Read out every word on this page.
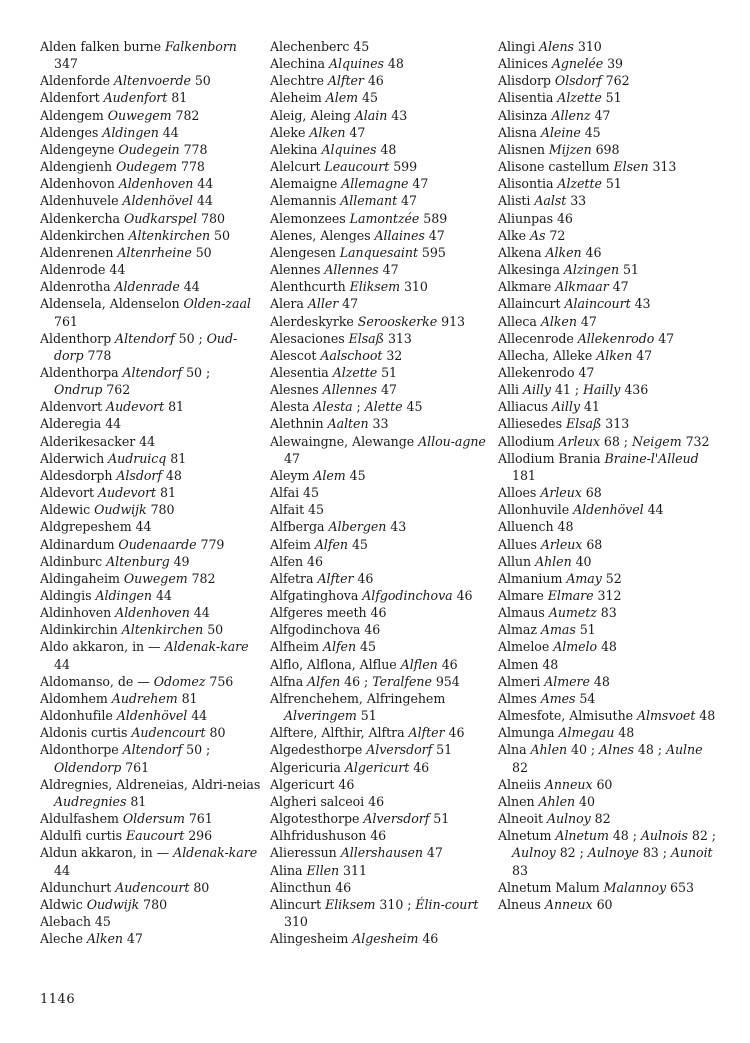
Alden falken burne Falkenborn 347
Aldenforde Altenvoerde 50
Aldenfort Audenfort 81
Aldengem Ouwegem 782
Aldenges Aldingen 44
Aldengeyne Oudegein 778
Aldengienh Oudegem 778
Aldenhovon Aldenhoven 44
Aldenhuvele Aldenhövel 44
Aldenkercha Oudkarspel 780
Aldenkirchen Altenkirchen 50
Aldenrenen Altenrheine 50
Aldenrode 44
Aldenrotha Aldenrade 44
Aldensela, Aldenselon Olden-zaal 761
Aldenthorp Altendorf 50 ; Oud-dorp 778
Aldenthorpa Altendorf 50 ; Ondrup 762
Aldenvort Audevort 81
Alderegia 44
Alderikesacker 44
Alderwich Audruicq 81
Aldesdorph Alsdorf 48
Aldevort Audevort 81
Aldewic Oudwijk 780
Aldgrepeshem 44
Aldinardum Oudenaarde 779
Aldinburc Altenburg 49
Aldingaheim Ouwegem 782
Aldingis Aldingen 44
Aldinhoven Aldenhoven 44
Aldinkirchin Altenkirchen 50
Aldo akkaron, in — Aldenak-kare 44
Aldomanso, de — Odomez 756
Aldomhem Audrehem 81
Aldonhufile Aldenhövel 44
Aldonis curtis Audencourt 80
Aldonthorpe Altendorf 50 ; Oldendorp 761
Aldregnies, Aldreneias, Aldri-neias Audregnies 81
Aldulfashem Oldersum 761
Aldulfi curtis Eaucourt 296
Aldun akkaron, in — Aldenak-kare 44
Aldunchurt Audencourt 80
Aldwic Oudwijk 780
Alebach 45
Aleche Alken 47
Alechenberc 45
Alechina Alquines 48
Alechtre Alfter 46
Aleheim Alem 45
Aleig, Aleing Alain 43
Aleke Alken 47
Alekina Alquines 48
Alelcurt Leaucourt 599
Alemaigne Allemagne 47
Alemannis Allemant 47
Alemonzees Lamontzée 589
Alenes, Alenges Allaines 47
Alengesen Lanquesaint 595
Alennes Allennes 47
Alenthcurth Eliksem 310
Alera Aller 47
Alerdeskyrke Serooskerke 913
Alesaciones Elsaß 313
Alescot Aalschoot 32
Alesentia Alzette 51
Alesnes Allennes 47
Alesta Alesta ; Alette 45
Alethnin Aalten 33
Alewaingne, Alewange Allou-agne 47
Aleym Alem 45
Alfai 45
Alfait 45
Alfberga Albergen 43
Alfeim Alfen 45
Alfen 46
Alfetra Alfter 46
Alfgatinghova Alfgodinchova 46
Alfgeres meeth 46
Alfgodinchova 46
Alfheim Alfen 45
Alflo, Alflona, Alflue Alflen 46
Alfna Alfen 46 ; Teralfene 954
Alfrenchehem, Alfringehem Alveringem 51
Alftere, Alfthir, Alftra Alfter 46
Algedesthorpe Alversdorf 51
Algericuria Algericurt 46
Algericurt 46
Algheri salceoi 46
Algotesthorpe Alversdorf 51
Alhfridushuson 46
Alieressun Allershausen 47
Alina Ellen 311
Alincthun 46
Alincurt Eliksem 310 ; Élin-court 310
Alingesheim Algesheim 46
Alingi Alens 310
Alinices Agnelée 39
Alisdorp Olsdorf 762
Alisentia Alzette 51
Alisinza Allenz 47
Alisna Aleine 45
Alisnen Mijzen 698
Alisone castellum Elsen 313
Alisontia Alzette 51
Alisti Aalst 33
Aliunpas 46
Alke As 72
Alkena Alken 46
Alkesinga Alzingen 51
Alkmare Alkmaar 47
Allaincurt Alaincourt 43
Alleca Alken 47
Allecenrode Allekenrodo 47
Allecha, Alleke Alken 47
Allekenrodo 47
Alli Ailly 41 ; Hailly 436
Alliacus Ailly 41
Alliesedes Elsaß 313
Allodium Arleux 68 ; Neigem 732
Allodium Brania Braine-l'Alleud 181
Alloes Arleux 68
Allonhuvile Aldenhövel 44
Alluench 48
Allues Arleux 68
Allun Ahlen 40
Almanium Amay 52
Almare Elmare 312
Almaus Aumetz 83
Almaz Amas 51
Almeloe Almelo 48
Almen 48
Almeri Almere 48
Almes Ames 54
Almesfote, Almisuthe Almsvoet 48
Almunga Almegau 48
Alna Ahlen 40 ; Alnes 48 ; Aulne 82
Alneiis Anneux 60
Alnen Ahlen 40
Alneoit Aulnoy 82
Alnetum Alnetum 48 ; Aulnois 82 ; Aulnoy 82 ; Aulnoye 83 ; Aunoit 83
Alnetum Malum Malannoy 653
Alneus Anneux 60
1146
